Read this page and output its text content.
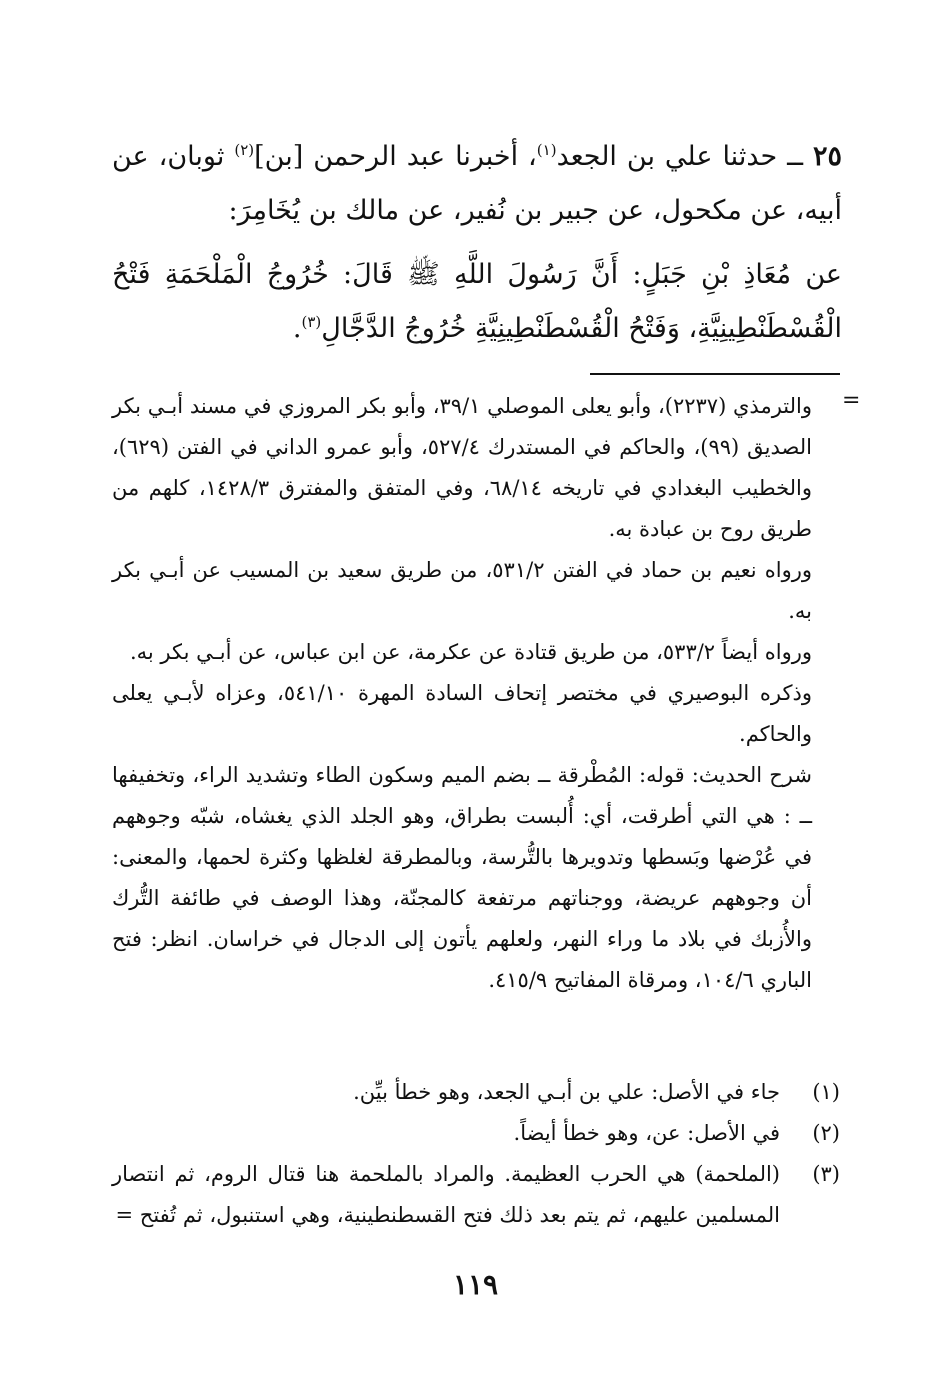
٢٥ ــ حدثنا علي بن الجعد$^{(١)}$، أخبرنا عبد الرحمن [بن]$^{(٢)}$ ثوبان، عن أبيه، عن مكحول، عن جبير بن نُفير، عن مالك بن يُخَامِرَ:

عن مُعَاذِ بْنِ جَبَلٍ: أَنَّ رَسُولَ اللَّهِ ﷺ قَالَ: خُرُوجُ الْمَلْحَمَةِ فَتْحُ الْقُسْطَنْطِينِيَّةِ، وَفَتْحُ الْقُسْطَنْطِينِيَّةِ خُرُوجُ الدَّجَّالِ$^{(٣)}$.

=

والترمذي (٢٢٣٧)، وأبو يعلى الموصلي ٣٩/١، وأبو بكر المروزي في مسند أبـي بكر الصديق (٩٩)، والحاكم في المستدرك ٥٢٧/٤، وأبو عمرو الداني في الفتن (٦٢٩)، والخطيب البغدادي في تاريخه ٦٨/١٤، وفي المتفق والمفترق ١٤٢٨/٣، كلهم من طريق روح بن عبادة به.

ورواه نعيم بن حماد في الفتن ٥٣١/٢، من طريق سعيد بن المسيب عن أبـي بكر به.

ورواه أيضاً ٥٣٣/٢، من طريق قتادة عن عكرمة، عن ابن عباس، عن أبـي بكر به.

وذكره البوصيري في مختصر إتحاف السادة المهرة ٥٤١/١٠، وعزاه لأبـي يعلى والحاكم.

شرح الحديث: قوله: المُطْرقة ــ بضم الميم وسكون الطاء وتشديد الراء، وتخفيفها ــ : هي التي أطرقت، أي: أُلبست بطراق، وهو الجلد الذي يغشاه، شبّه وجوههم في عُرْضها وبَسطها وتدويرها بالتُّرسة، وبالمطرقة لغلظها وكثرة لحمها، والمعنى: أن وجوههم عريضة، ووجناتهم مرتفعة كالمجنّة، وهذا الوصف في طائفة التُّرك والأُزبك في بلاد ما وراء النهر، ولعلهم يأتون إلى الدجال في خراسان. انظر: فتح الباري ١٠٤/٦، ومرقاة المفاتيح ٤١٥/٩.

(١)
جاء في الأصل: علي بن أبـي الجعد، وهو خطأ بيِّن.
(٢)
في الأصل: عن، وهو خطأ أيضاً.
(٣)
(الملحمة) هي الحرب العظيمة. والمراد بالملحمة هنا قتال الروم، ثم انتصار المسلمين عليهم، ثم يتم بعد ذلك فتح القسطنطينية، وهي استنبول، ثم تُفتح =
١١٩
